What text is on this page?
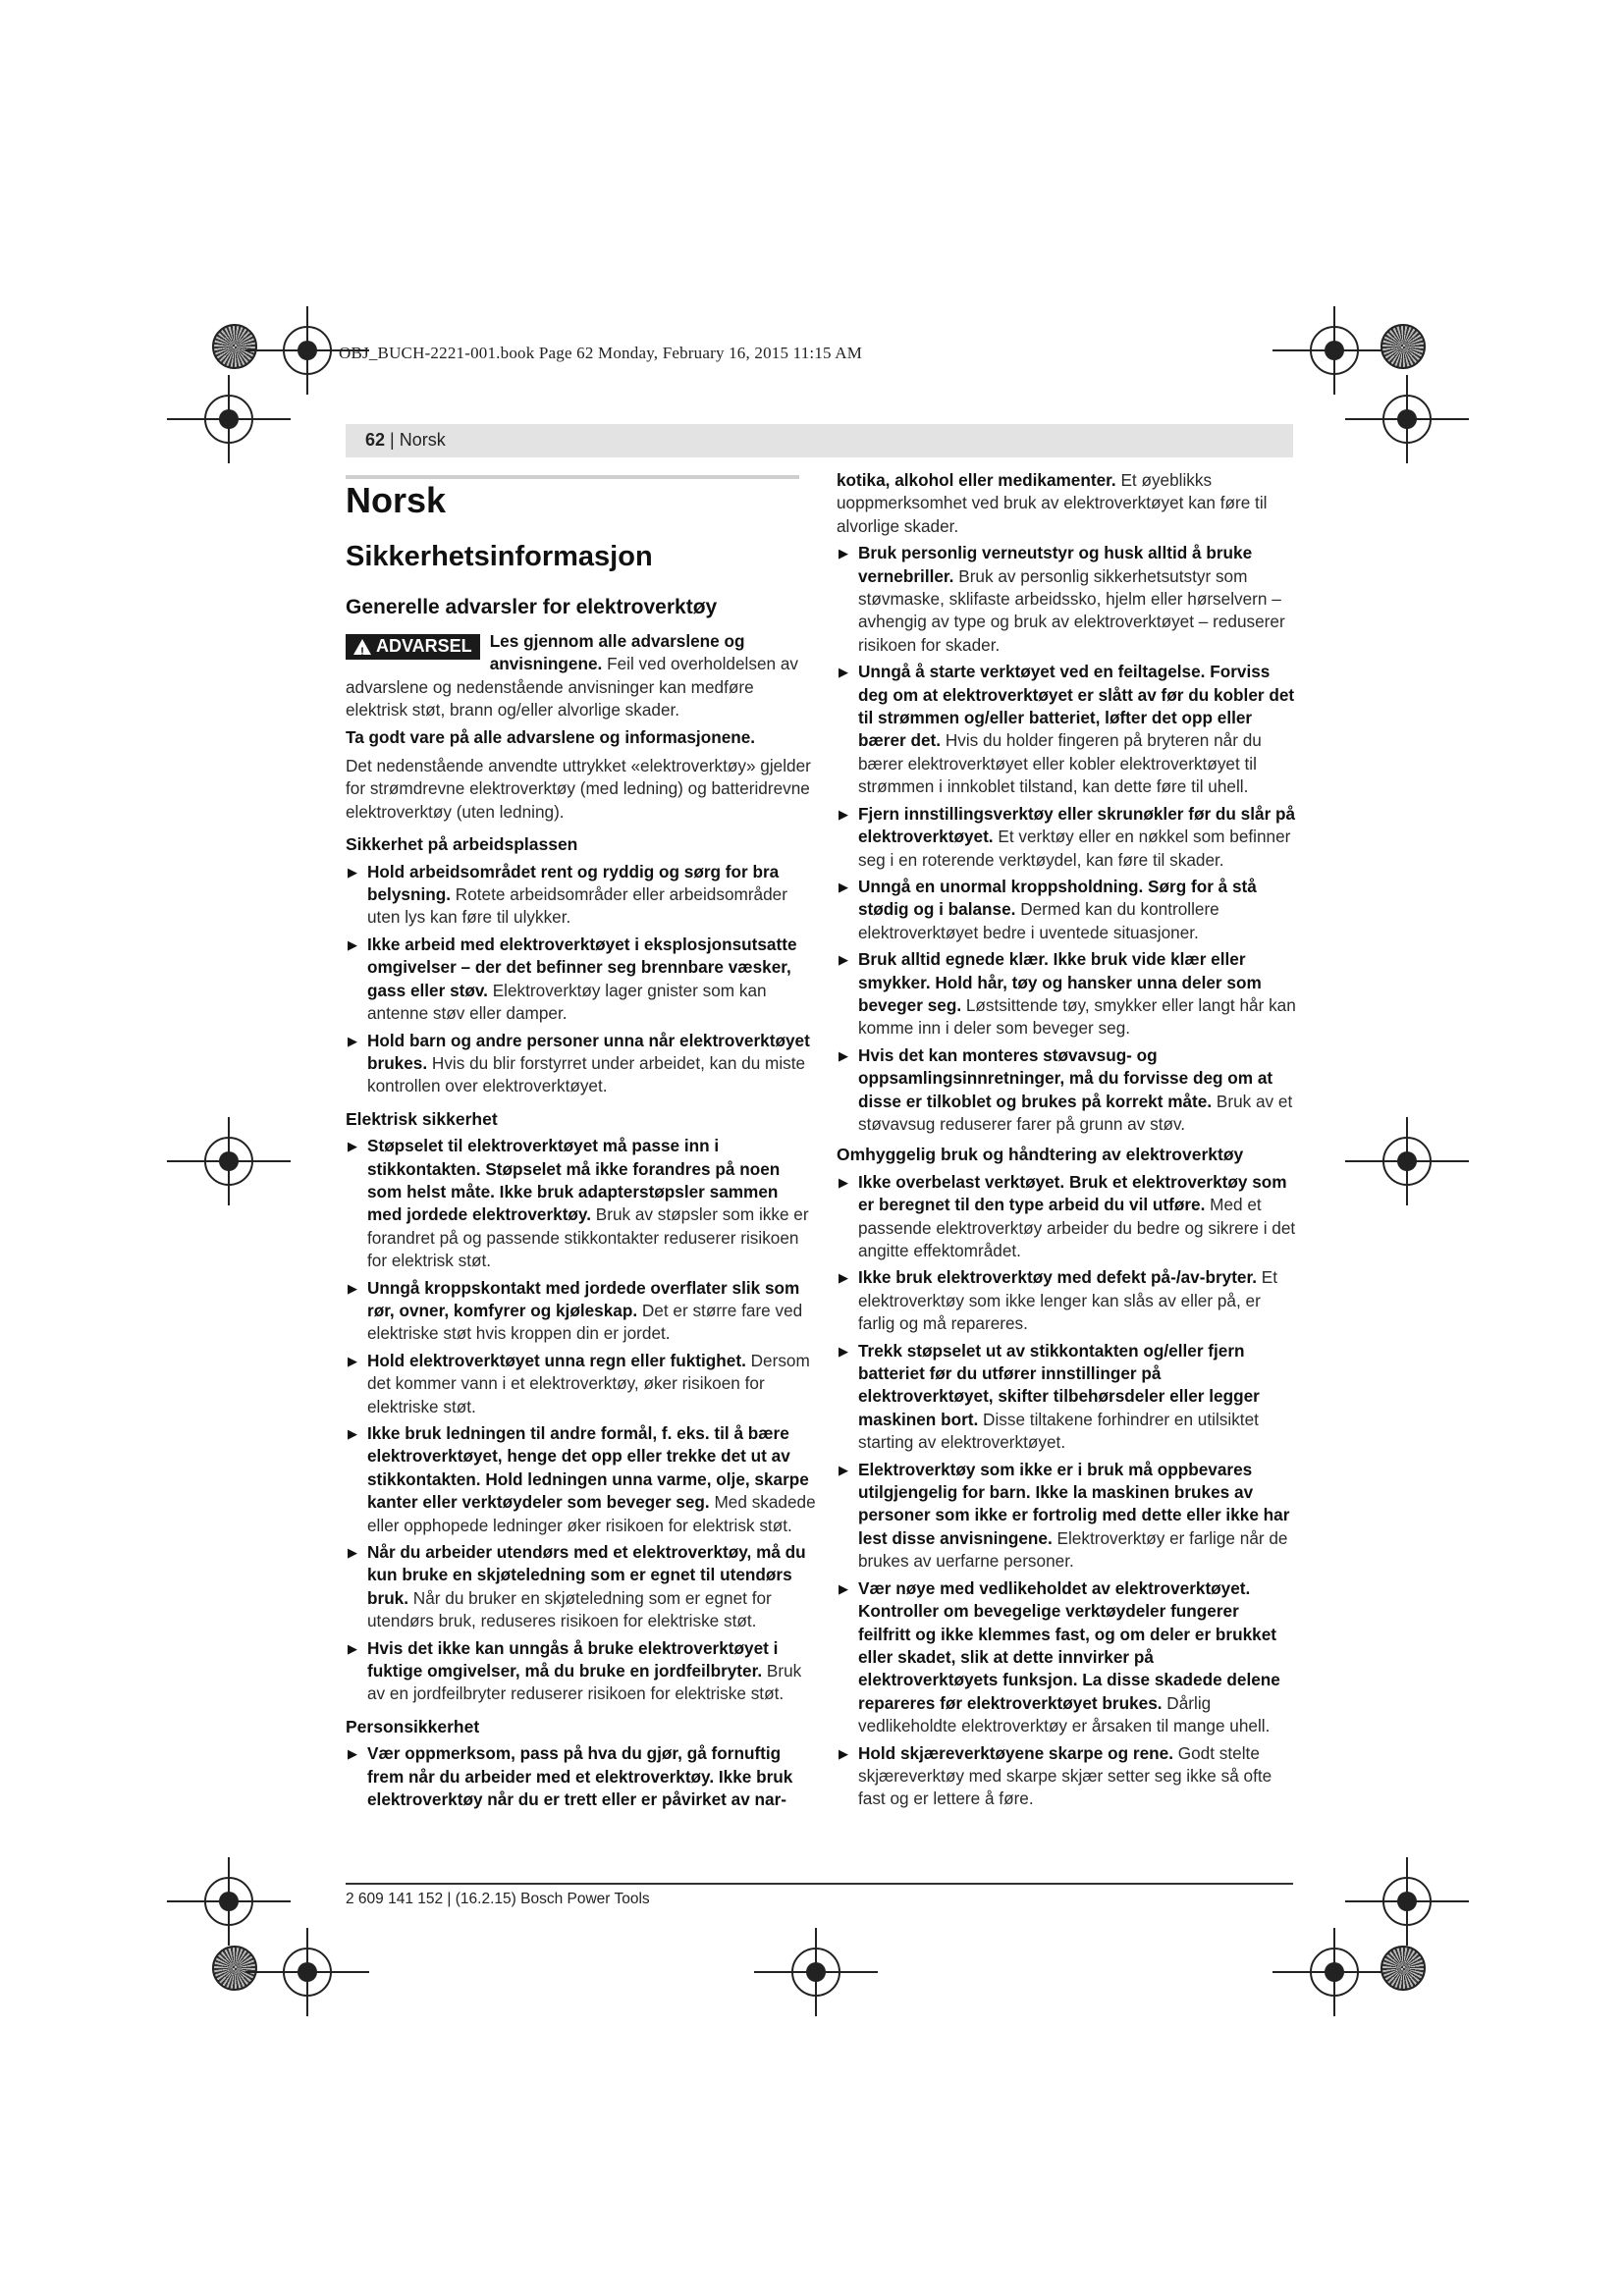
OBJ_BUCH-2221-001.book Page 62 Monday, February 16, 2015 11:15 AM
62 | Norsk
Norsk
Sikkerhetsinformasjon
Generelle advarsler for elektroverktøy

! ADVARSEL Les gjennom alle advarslene og anvisningene. Feil ved overholdelsen av advarslene og nedenstående anvisninger kan medføre elektrisk støt, brann og/eller alvorlige skader.

Ta godt vare på alle advarslene og informasjonene.

Det nedenstående anvendte uttrykket «elektroverktøy» gjelder for strømdrevne elektroverktøy (med ledning) og batteridrevne elektroverktøy (uten ledning).

Sikkerhet på arbeidsplassen
▶ Hold arbeidsområdet rent og ryddig og sørg for bra belysning. Rotete arbeidsområder eller arbeidsområder uten lys kan føre til ulykker.
▶ Ikke arbeid med elektroverktøyet i eksplosjonsutsatte omgivelser – der det befinner seg brennbare væsker, gass eller støv. Elektroverktøy lager gnister som kan antenne støv eller damper.
▶ Hold barn og andre personer unna når elektroverktøyet brukes. Hvis du blir forstyrret under arbeidet, kan du miste kontrollen over elektroverktøyet.
Elektrisk sikkerhet
▶ Støpselet til elektroverktøyet må passe inn i stikkontakten. Støpselet må ikke forandres på noen som helst måte. Ikke bruk adapterstøpsler sammen med jordede elektroverktøy. Bruk av støpsler som ikke er forandret på og passende stikkontakter reduserer risikoen for elektrisk støt.
▶ Unngå kroppskontakt med jordede overflater slik som rør, ovner, komfyrer og kjøleskap. Det er større fare ved elektriske støt hvis kroppen din er jordet.
▶ Hold elektroverktøyet unna regn eller fuktighet. Dersom det kommer vann i et elektroverktøy, øker risikoen for elektriske støt.
▶ Ikke bruk ledningen til andre formål, f. eks. til å bære elektroverktøyet, henge det opp eller trekke det ut av stikkontakten. Hold ledningen unna varme, olje, skarpe kanter eller verktøydeler som beveger seg. Med skadede eller opphopede ledninger øker risikoen for elektrisk støt.
▶ Når du arbeider utendørs med et elektroverktøy, må du kun bruke en skjøteledning som er egnet til utendørs bruk. Når du bruker en skjøteledning som er egnet for utendørs bruk, reduseres risikoen for elektriske støt.
▶ Hvis det ikke kan unngås å bruke elektroverktøyet i fuktige omgivelser, må du bruke en jordfeilbryter. Bruk av en jordfeilbryter reduserer risikoen for elektriske støt.
Personsikkerhet
▶ Vær oppmerksom, pass på hva du gjør, gå fornuftig frem når du arbeider med et elektroverktøy. Ikke bruk elektroverktøy når du er trett eller er påvirket av nar-

kotika, alkohol eller medikamenter. Et øyeblikks uoppmerksomhet ved bruk av elektroverktøyet kan føre til alvorlige skader.

▶ Bruk personlig verneutstyr og husk alltid å bruke vernebriller. Bruk av personlig sikkerhetsutstyr som støvmaske, sklifaste arbeidssko, hjelm eller hørselvern – avhengig av type og bruk av elektroverktøyet – reduserer risikoen for skader.
▶ Unngå å starte verktøyet ved en feiltagelse. Forviss deg om at elektroverktøyet er slått av før du kobler det til strømmen og/eller batteriet, løfter det opp eller bærer det. Hvis du holder fingeren på bryteren når du bærer elektroverktøyet eller kobler elektroverktøyet til strømmen i innkoblet tilstand, kan dette føre til uhell.
▶ Fjern innstillingsverktøy eller skrunøkler før du slår på elektroverktøyet. Et verktøy eller en nøkkel som befinner seg i en roterende verktøydel, kan føre til skader.
▶ Unngå en unormal kroppsholdning. Sørg for å stå stødig og i balanse. Dermed kan du kontrollere elektroverktøyet bedre i uventede situasjoner.
▶ Bruk alltid egnede klær. Ikke bruk vide klær eller smykker. Hold hår, tøy og hansker unna deler som beveger seg. Løstsittende tøy, smykker eller langt hår kan komme inn i deler som beveger seg.
▶ Hvis det kan monteres støvavsug- og oppsamlingsinnretninger, må du forvisse deg om at disse er tilkoblet og brukes på korrekt måte. Bruk av et støvavsug reduserer farer på grunn av støv.
Omhyggelig bruk og håndtering av elektroverktøy
▶ Ikke overbelast verktøyet. Bruk et elektroverktøy som er beregnet til den type arbeid du vil utføre. Med et passende elektroverktøy arbeider du bedre og sikrere i det angitte effektområdet.
▶ Ikke bruk elektroverktøy med defekt på-/av-bryter. Et elektroverktøy som ikke lenger kan slås av eller på, er farlig og må repareres.
▶ Trekk støpselet ut av stikkontakten og/eller fjern batteriet før du utfører innstillinger på elektroverktøyet, skifter tilbehørsdeler eller legger maskinen bort. Disse tiltakene forhindrer en utilsiktet starting av elektroverktøyet.
▶ Elektroverktøy som ikke er i bruk må oppbevares utilgjengelig for barn. Ikke la maskinen brukes av personer som ikke er fortrolig med dette eller ikke har lest disse anvisningene. Elektroverktøy er farlige når de brukes av uerfarne personer.
▶ Vær nøye med vedlikeholdet av elektroverktøyet. Kontroller om bevegelige verktøydeler fungerer feilfritt og ikke klemmes fast, og om deler er brukket eller skadet, slik at dette innvirker på elektroverktøyets funksjon. La disse skadede delene repareres før elektroverktøyet brukes. Dårlig vedlikeholdte elektroverktøy er årsaken til mange uhell.
▶ Hold skjæreverktøyene skarpe og rene. Godt stelte skjæreverktøy med skarpe skjær setter seg ikke så ofte fast og er lettere å føre.
2 609 141 152 | (16.2.15) Bosch Power Tools
